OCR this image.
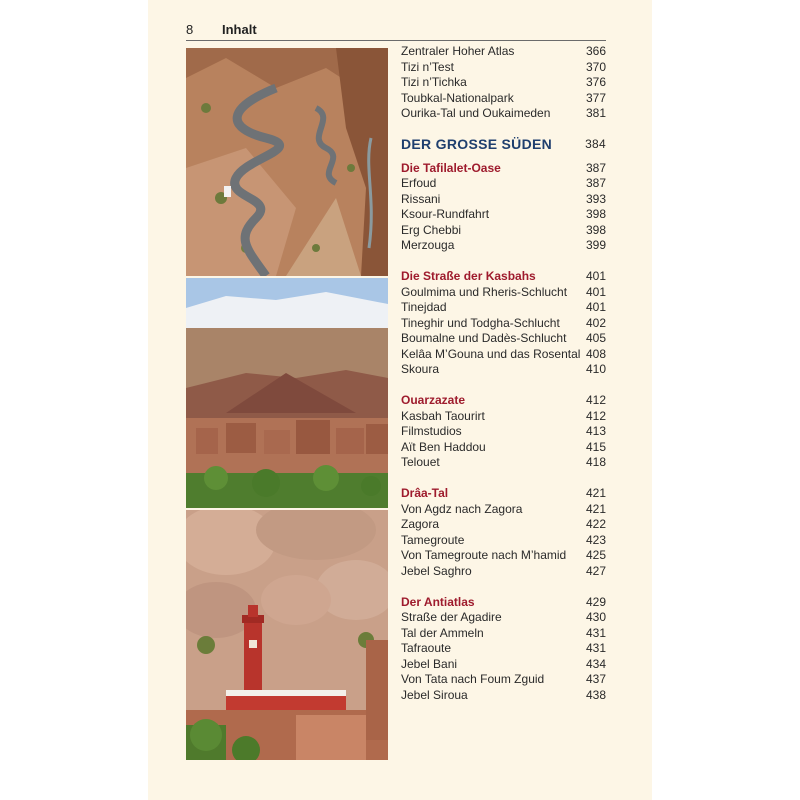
8 Inhalt
Zentraler Hoher Atlas	366
Tizi n’Test	370
Tizi n’Tichka	376
Toubkal-Nationalpark	377
Ourika-Tal und Oukaimeden	381
DER GROSSE SÜDEN	384
Die Tafilalet-Oase	387
Erfoud	387
Rissani	393
Ksour-Rundfahrt	398
Erg Chebbi	398
Merzouga	399
Die Straße der Kasbahs	401
Goulmima und Rheris-Schlucht 401
Tinejdad	401
Tineghir und Todgha-Schlucht 402
Boumalne und Dadès-Schlucht 405
Kelâa M’Gouna und das Rosental 408
Skoura	410
Ouarzazate	412
Kasbah Taourirt	412
Filmstudios	413
Aït Ben Haddou	415
Telouet	418
Drâa-Tal	421
Von Agdz nach Zagora	421
Zagora	422
Tamegroute	423
Von Tamegroute nach M’hamid 425
Jebel Saghro	427
Der Antiatlas	429
Straße der Agadire	430
Tal der Ammeln	431
Tafraoute	431
Jebel Bani	434
Von Tata nach Foum Zguid	437
Jebel Siroua	438
